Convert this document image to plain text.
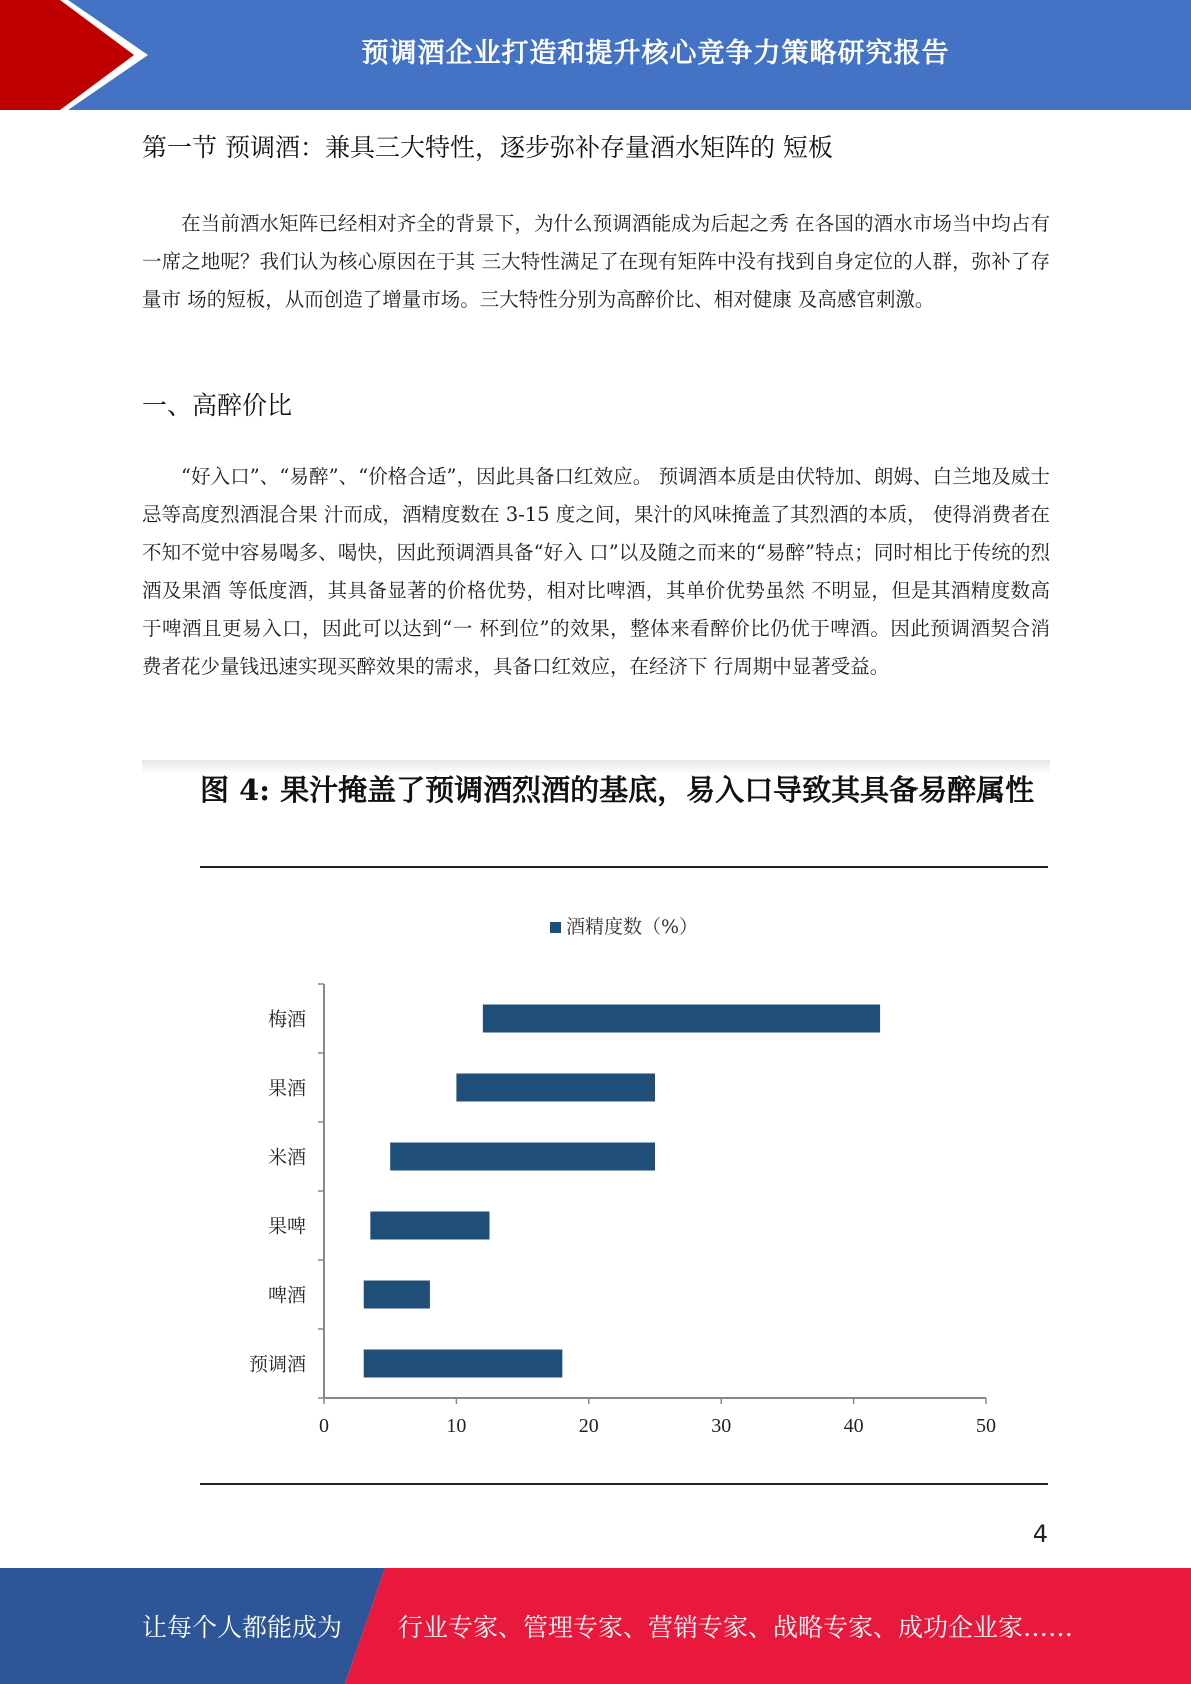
预调酒企业打造和提升核心竞争力策略研究报告
第一节 预调酒：兼具三大特性，逐步弥补存量酒水矩阵的 短板
在当前酒水矩阵已经相对齐全的背景下，为什么预调酒能成为后起之秀 在各国的酒水市场当中均占有一席之地呢？我们认为核心原因在于其 三大特性满足了在现有矩阵中没有找到自身定位的人群，弥补了存量市 场的短板，从而创造了增量市场。三大特性分别为高醉价比、相对健康 及高感官刺激。
一、高醉价比
“好入口”、“易醉”、“价格合适”，因此具备口红效应。 预调酒本质是由伏特加、朗姆、白兰地及威士忌等高度烈酒混合果 汁而成，酒精度数在 3-15 度之间，果汁的风味掩盖了其烈酒的本质， 使得消费者在不知不觉中容易喝多、喝快，因此预调酒具备“好入 口”以及随之而来的“易醉”特点；同时相比于传统的烈酒及果酒 等低度酒，其具备显著的价格优势，相对比啤酒，其单价优势虽然 不明显，但是其酒精度数高于啤酒且更易入口，因此可以达到“一 杯到位”的效果，整体来看醉价比仍优于啤酒。因此预调酒契合消 费者花少量钱迅速实现买醉效果的需求，具备口红效应，在经济下 行周期中显著受益。
图 4: 果汁掩盖了预调酒烈酒的基底，易入口导致其具备易醉属性
酒精度数（%）
0	10	20	30	40	50
梅酒
果酒
米酒
果啤
啤酒
预调酒
4
让每个人都能成为 行业专家、管理专家、营销专家、战略专家、成功企业家……
